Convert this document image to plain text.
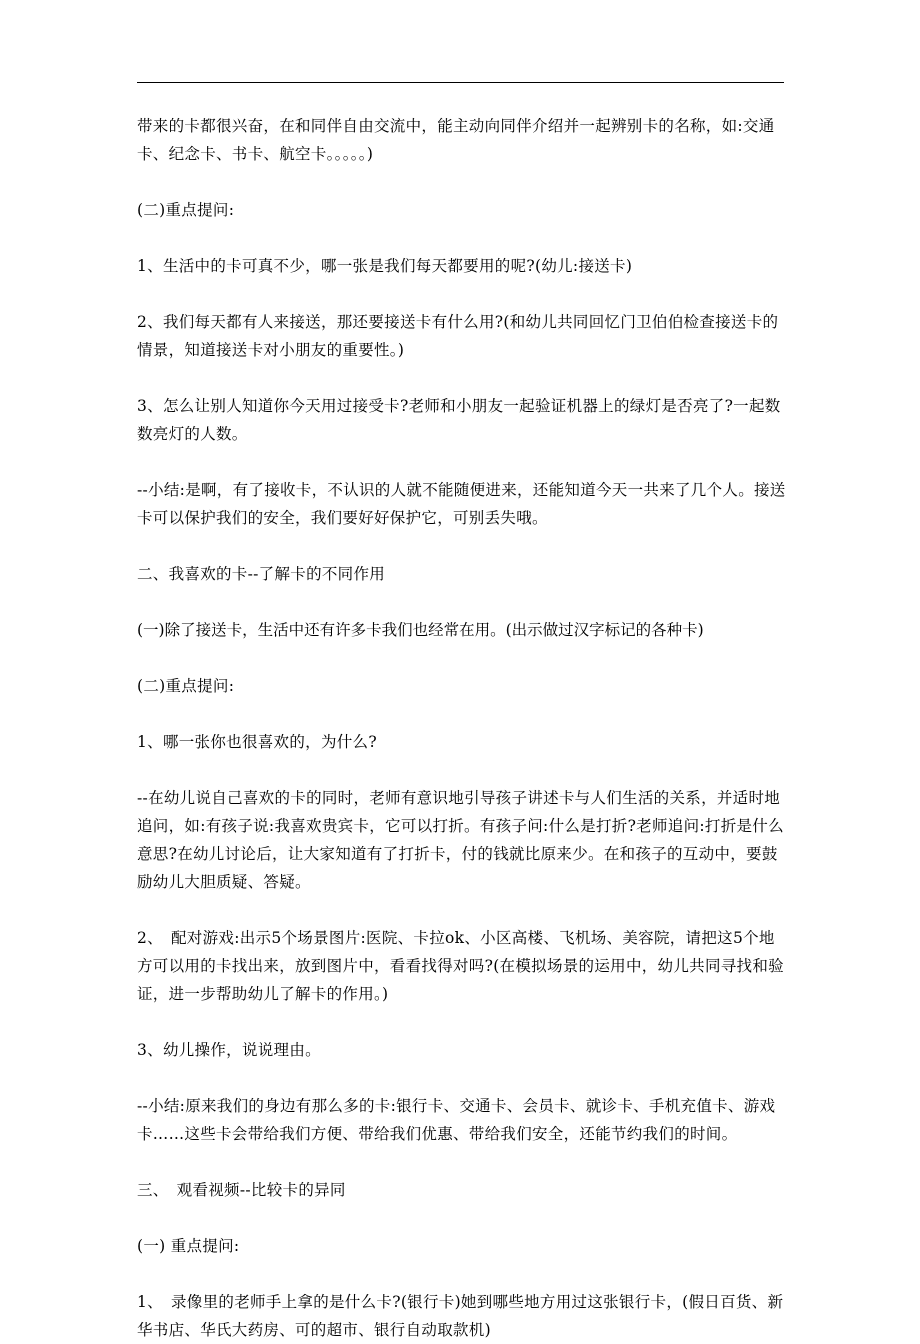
带来的卡都很兴奋，在和同伴自由交流中，能主动向同伴介绍并一起辨别卡的名称，如:交通卡、纪念卡、书卡、航空卡。。。。。)

(二)重点提问:

1、生活中的卡可真不少，哪一张是我们每天都要用的呢?(幼儿:接送卡)

2、我们每天都有人来接送，那还要接送卡有什么用?(和幼儿共同回忆门卫伯伯检查接送卡的情景，知道接送卡对小朋友的重要性。)

3、怎么让别人知道你今天用过接受卡?老师和小朋友一起验证机器上的绿灯是否亮了?一起数数亮灯的人数。

--小结:是啊，有了接收卡，不认识的人就不能随便进来，还能知道今天一共来了几个人。接送卡可以保护我们的安全，我们要好好保护它，可别丢失哦。

二、我喜欢的卡--了解卡的不同作用

(一)除了接送卡，生活中还有许多卡我们也经常在用。(出示做过汉字标记的各种卡)

(二)重点提问:

1、哪一张你也很喜欢的，为什么?

--在幼儿说自己喜欢的卡的同时，老师有意识地引导孩子讲述卡与人们生活的关系，并适时地追问，如:有孩子说:我喜欢贵宾卡，它可以打折。有孩子问:什么是打折?老师追问:打折是什么意思?在幼儿讨论后，让大家知道有了打折卡，付的钱就比原来少。在和孩子的互动中，要鼓励幼儿大胆质疑、答疑。

2、　配对游戏:出示5个场景图片:医院、卡拉ok、小区高楼、飞机场、美容院，请把这5个地方可以用的卡找出来，放到图片中，看看找得对吗?(在模拟场景的运用中，幼儿共同寻找和验证，进一步帮助幼儿了解卡的作用。)

3、幼儿操作，说说理由。

--小结:原来我们的身边有那么多的卡:银行卡、交通卡、会员卡、就诊卡、手机充值卡、游戏卡……这些卡会带给我们方便、带给我们优惠、带给我们安全，还能节约我们的时间。

三、　观看视频--比较卡的异同

(一) 重点提问:

1、　录像里的老师手上拿的是什么卡?(银行卡)她到哪些地方用过这张银行卡，(假日百货、新华书店、华氏大药房、可的超市、银行自动取款机)
